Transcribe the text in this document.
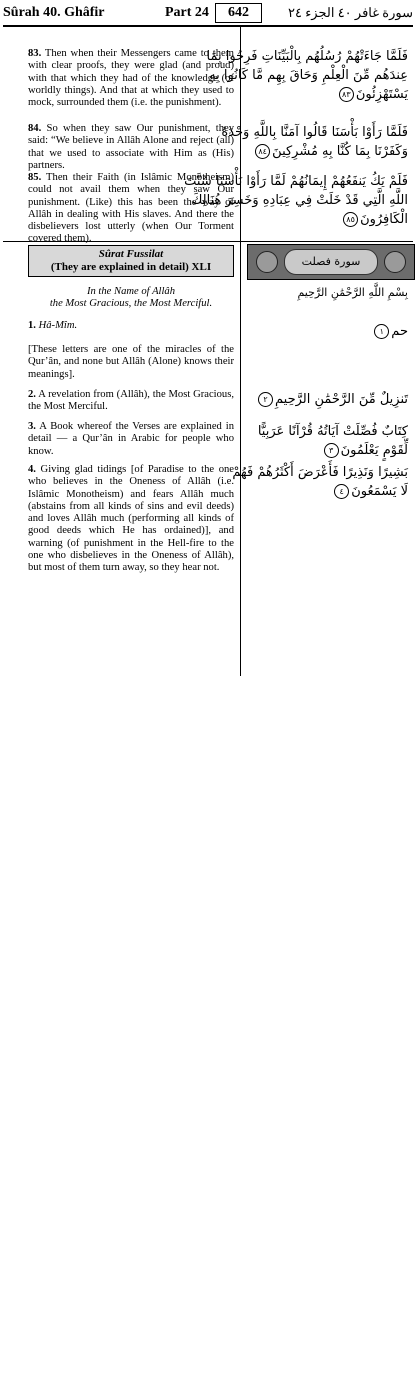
Sûrah 40. Ghâfir	Part 24	642	سورة غافر ٤٠ الجزء ٢٤

83. Then when their Messengers came to them with clear proofs, they were glad (and proud) with that which they had of the knowledge (of worldly things). And that at which they used to mock, surrounded them (i.e. the punishment).

84. So when they saw Our punishment, they said: “We believe in Allâh Alone and reject (all) that we used to associate with Him as (His) partners.

85. Then their Faith (in Islâmic Monotheism) could not avail them when they saw Our punishment. (Like) this has been the way of Allâh in dealing with His slaves. And there the disbelievers lost utterly (when Our Torment covered them).

فَلَمَّا جَاءَتْهُمْ رُسُلُهُم بِالْبَيِّنَاتِ فَرِحُوا بِمَا
عِندَهُم مِّنَ الْعِلْمِ وَحَاقَ بِهِم مَّا كَانُوا بِهِ
يَسْتَهْزِئُونَ٨٣
فَلَمَّا رَأَوْا بَأْسَنَا قَالُوا آمَنَّا بِاللَّهِ وَحْدَهُ
وَكَفَرْنَا بِمَا كُنَّا بِهِ مُشْرِكِينَ٨٤
فَلَمْ يَكُ يَنفَعُهُمْ إِيمَانُهُمْ لَمَّا رَأَوْا بَأْسَنَا سُنَّتَ
اللَّهِ الَّتِي قَدْ خَلَتْ فِي عِبَادِهِ وَخَسِرَ هُنَالِكَ
الْكَافِرُونَ٨٥
Sûrat Fussilat
(They are explained in detail) XLI	سورة فصلت

In the Name of Allâh
the Most Gracious, the Most Merciful.

بِسْمِ اللَّهِ الرَّحْمَٰنِ الرَّحِيمِ

1. Hâ-Mîm.

[These letters are one of the miracles of the Qur’ân, and none but Allâh (Alone) knows their meanings].

2. A revelation from (Allâh), the Most Gracious, the Most Merciful.

3. A Book whereof the Verses are explained in detail — a Qur’ân in Arabic for people who know.

4. Giving glad tidings [of Paradise to the one who believes in the Oneness of Allâh (i.e. Islâmic Monotheism) and fears Allâh much (abstains from all kinds of sins and evil deeds) and loves Allâh much (performing all kinds of good deeds which He has ordained)], and warning (of punishment in the Hell-fire to the one who disbelieves in the Oneness of Allâh), but most of them turn away, so they hear not.

حم١
تَنزِيلٌ مِّنَ الرَّحْمَٰنِ الرَّحِيمِ٢
كِتَابٌ فُصِّلَتْ آيَاتُهُ قُرْآنًا عَرَبِيًّا
لِّقَوْمٍ يَعْلَمُونَ٣
بَشِيرًا وَنَذِيرًا فَأَعْرَضَ أَكْثَرُهُمْ فَهُمْ
لَا يَسْمَعُونَ٤
